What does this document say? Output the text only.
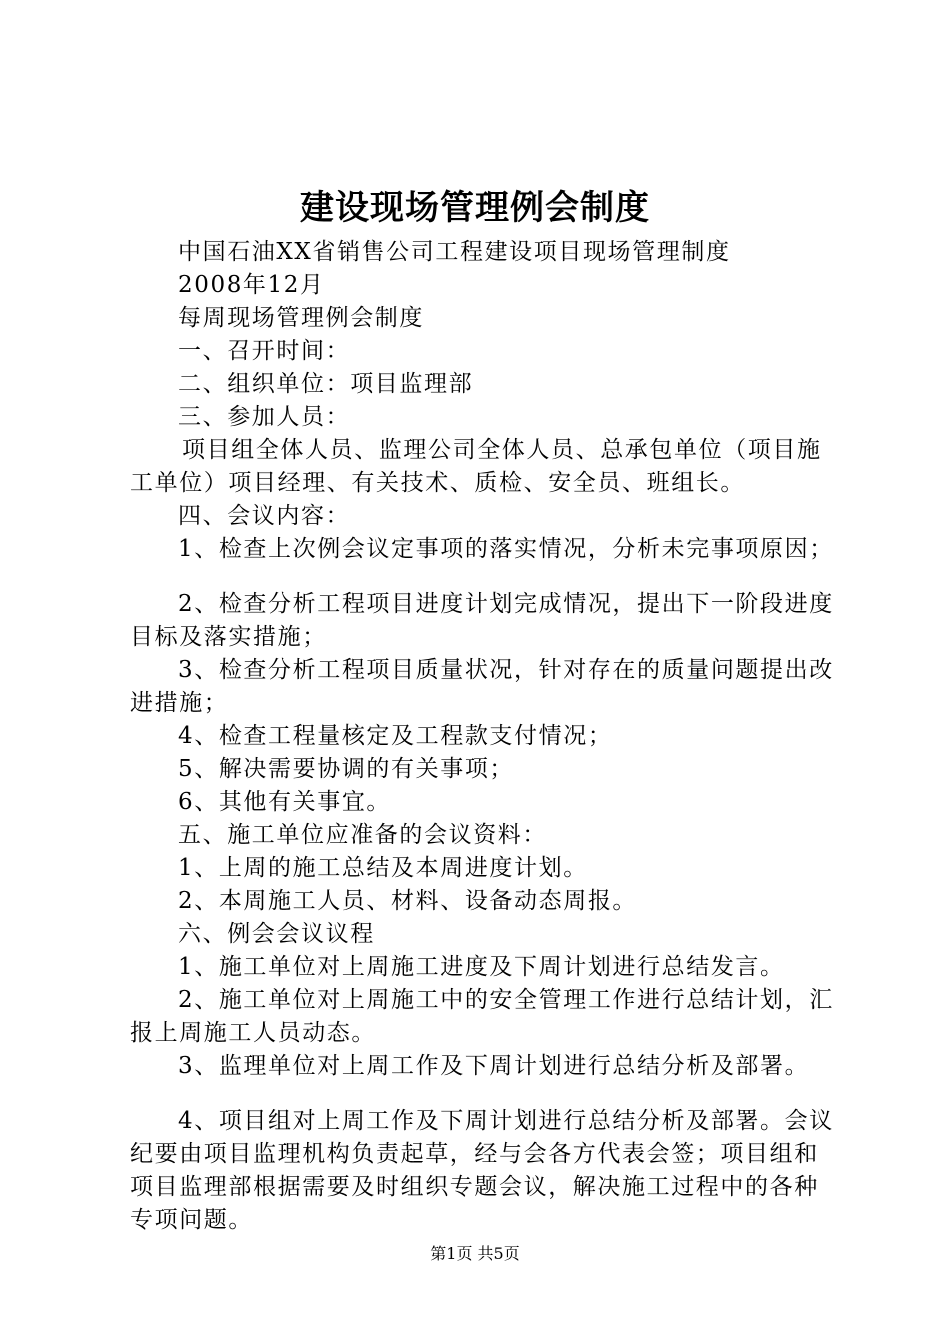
建设现场管理例会制度
中国石油XX省销售公司工程建设项目现场管理制度
2008年12月
每周现场管理例会制度
一、召开时间：
二、组织单位：项目监理部
三、参加人员：
项目组全体人员、监理公司全体人员、总承包单位（项目施工单位）项目经理、有关技术、质检、安全员、班组长。
四、会议内容：
1、检查上次例会议定事项的落实情况，分析未完事项原因；
2、检查分析工程项目进度计划完成情况，提出下一阶段进度目标及落实措施；
3、检查分析工程项目质量状况，针对存在的质量问题提出改进措施；
4、检查工程量核定及工程款支付情况；
5、解决需要协调的有关事项；
6、其他有关事宜。
五、施工单位应准备的会议资料：
1、上周的施工总结及本周进度计划。
2、本周施工人员、材料、设备动态周报。
六、例会会议议程
1、施工单位对上周施工进度及下周计划进行总结发言。
2、施工单位对上周施工中的安全管理工作进行总结计划，汇报上周施工人员动态。
3、监理单位对上周工作及下周计划进行总结分析及部署。
4、项目组对上周工作及下周计划进行总结分析及部署。会议纪要由项目监理机构负责起草，经与会各方代表会签；项目组和项目监理部根据需要及时组织专题会议，解决施工过程中的各种专项问题。
第1页 共5页
